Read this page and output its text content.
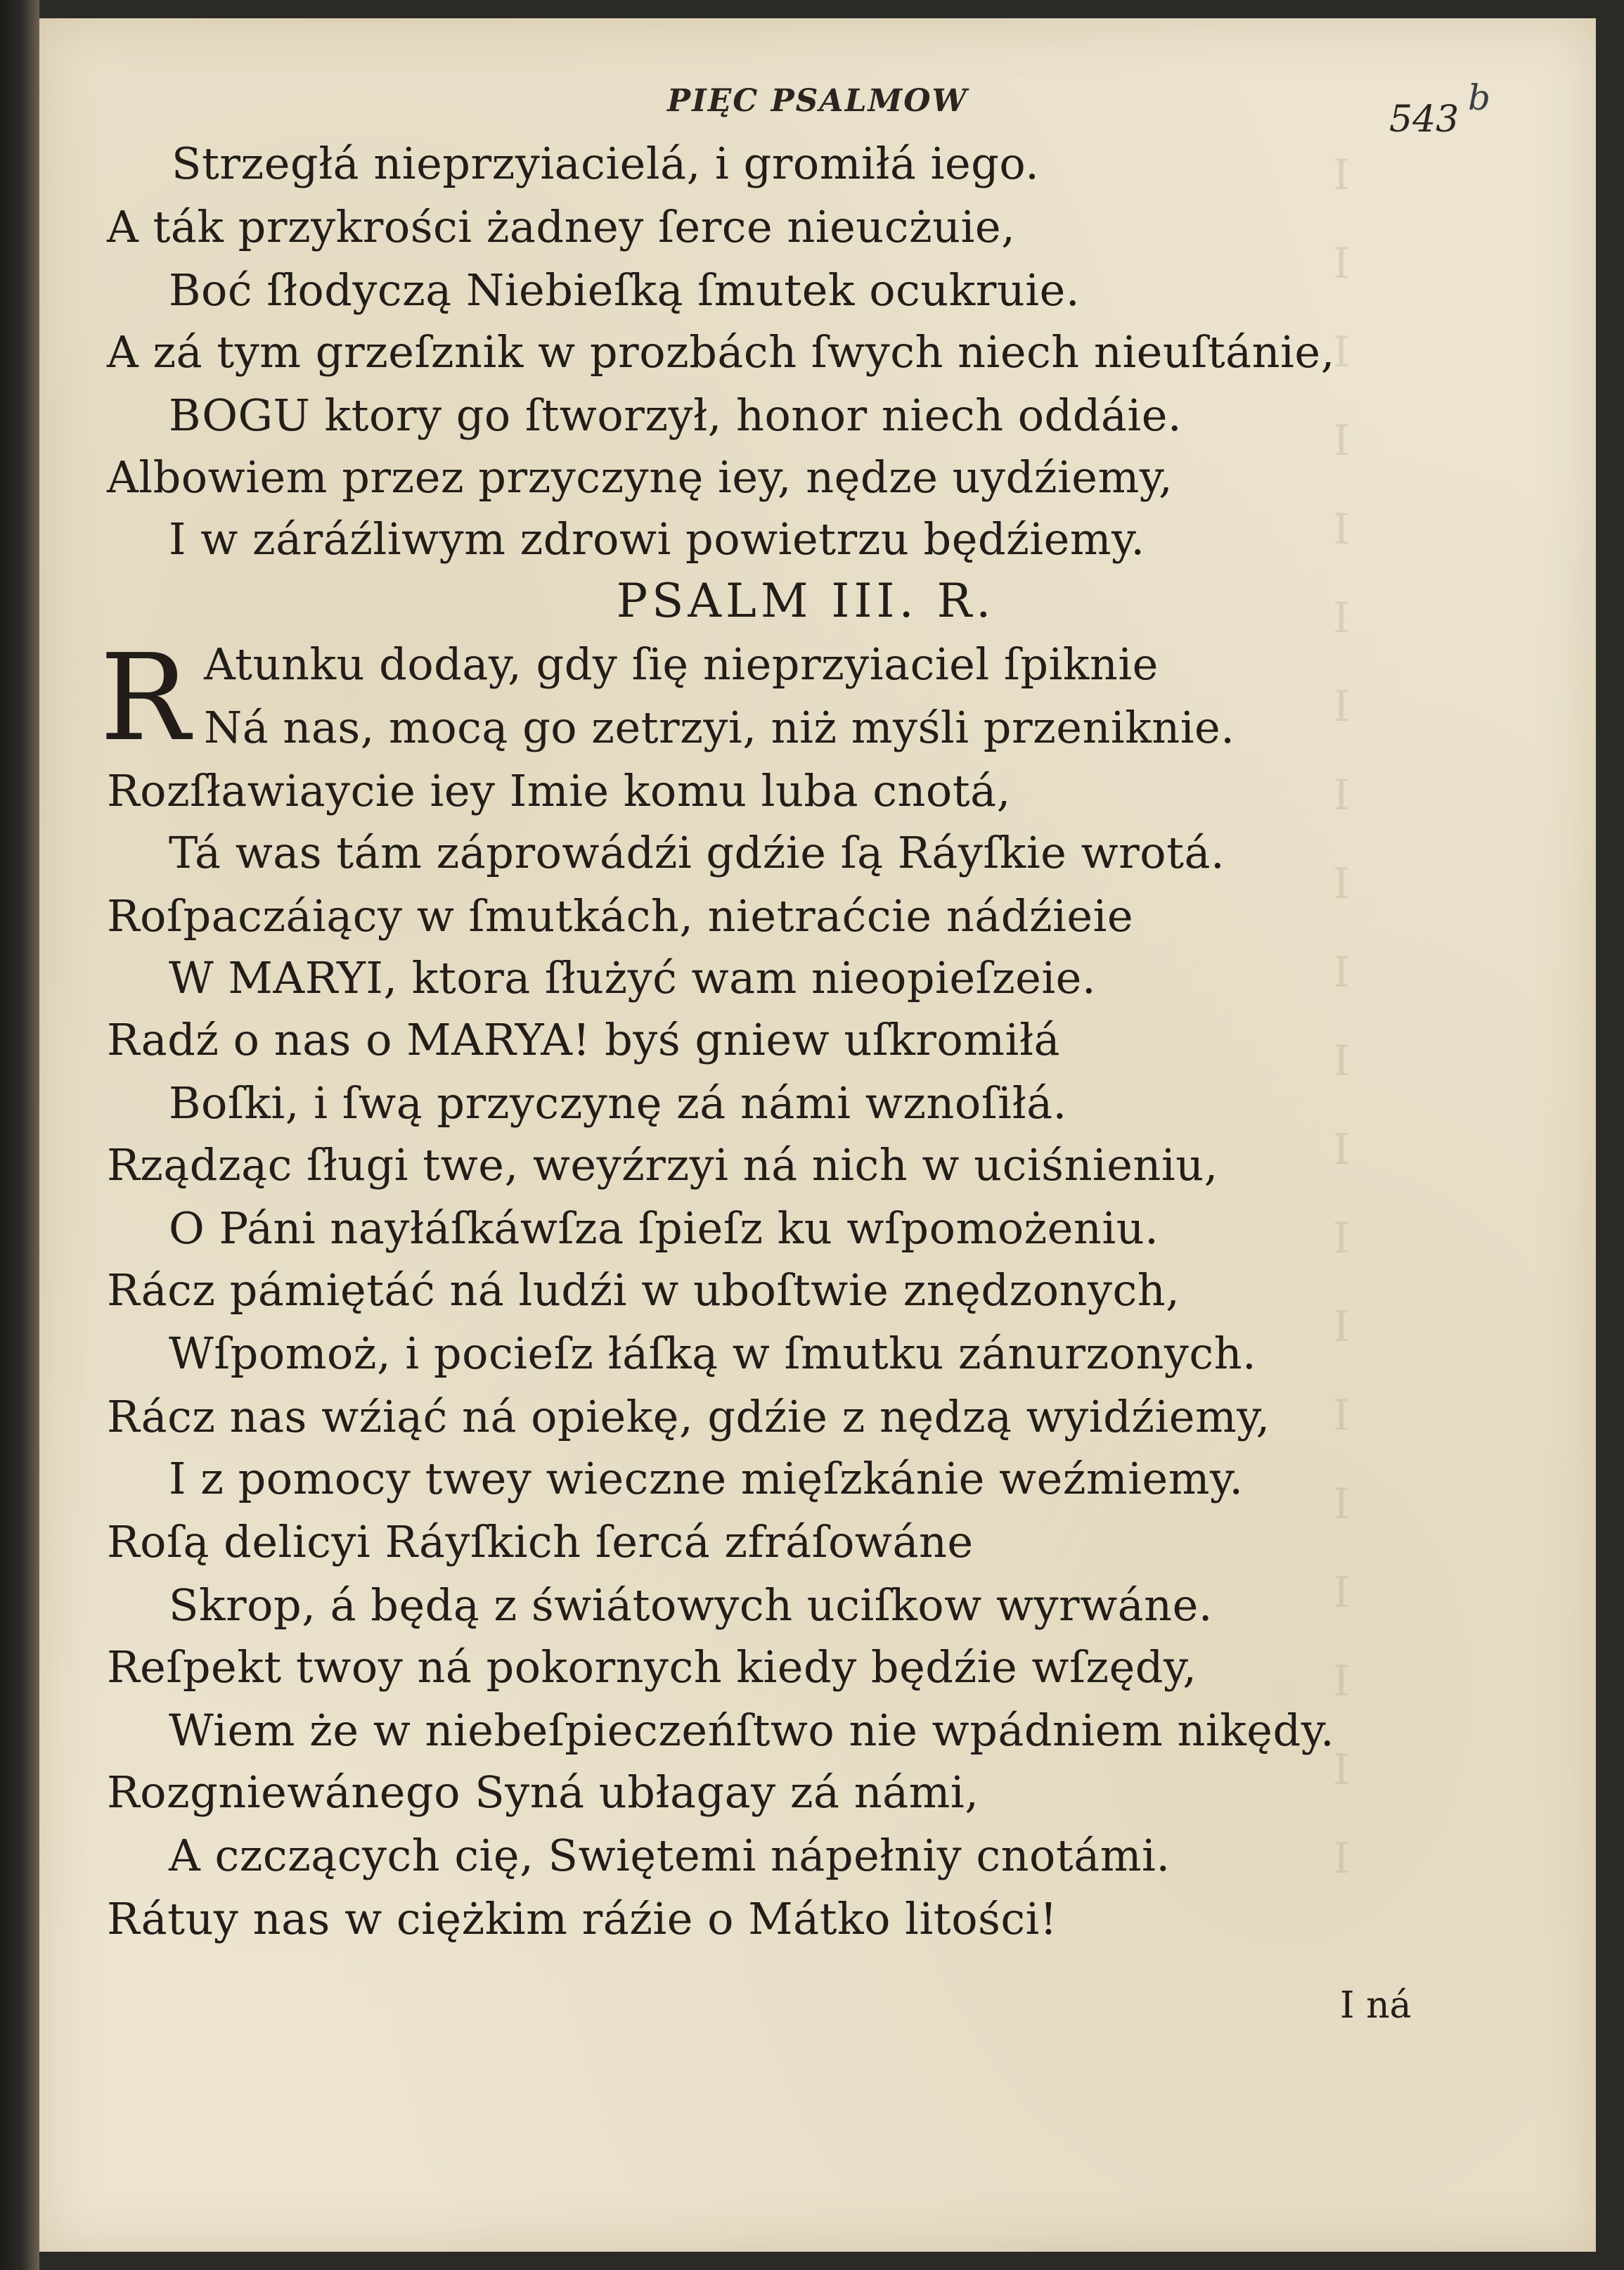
I
I
I
I
I
I
I
I
I
I
I
I
I
I
I
I
I
I
I
I
PIĘC PSALMOW	543
b
Strzegłá nieprzyiacielá, i gromiłá iego.
A ták przykrości żadney ſerce nieucżuie,
Boć ſłodyczą Niebieſką ſmutek ocukruie.
A zá tym grzeſznik w prozbách ſwych niech nieuſtánie,
BOGU ktory go ſtworzył, honor niech oddáie.
Albowiem przez przyczynę iey, nędze uydźiemy,
I w záráźliwym zdrowi powietrzu będźiemy.
PSALM III. R.
R Atunku doday, gdy ſię nieprzyiaciel ſpiknie
Ná nas, mocą go zetrzyi, niż myśli przeniknie.
Rozſławiaycie iey Imie komu luba cnotá,
Tá was tám záprowádźi gdźie ſą Ráyſkie wrotá.
Roſpaczáiący w ſmutkách, nietraćcie nádźieie
W MARYI, ktora ſłużyć wam nieopieſzeie.
Radź o nas o MARYA! byś gniew uſkromiłá
Boſki, i ſwą przyczynę zá námi wznoſiłá.
Rządząc ſługi twe, weyźrzyi ná nich w uciśnieniu,
O Páni nayłáſkáwſza ſpieſz ku wſpomożeniu.
Rácz pámiętáć ná ludźi w uboſtwie znędzonych,
Wſpomoż, i pocieſz łáſką w ſmutku zánurzonych.
Rácz nas wźiąć ná opiekę, gdźie z nędzą wyidźiemy,
I z pomocy twey wieczne mięſzkánie weźmiemy.
Roſą delicyi Ráyſkich ſercá zfráſowáne
Skrop, á będą z świátowych uciſkow wyrwáne.
Reſpekt twoy ná pokornych kiedy będźie wſzędy,
Wiem że w niebeſpieczeńſtwo nie wpádniem nikędy.
Rozgniewánego Syná ubłagay zá námi,
A czczących cię, Swiętemi nápełniy cnotámi.
Rátuy nas w ciężkim ráźie o Mátko litości!
I ná
